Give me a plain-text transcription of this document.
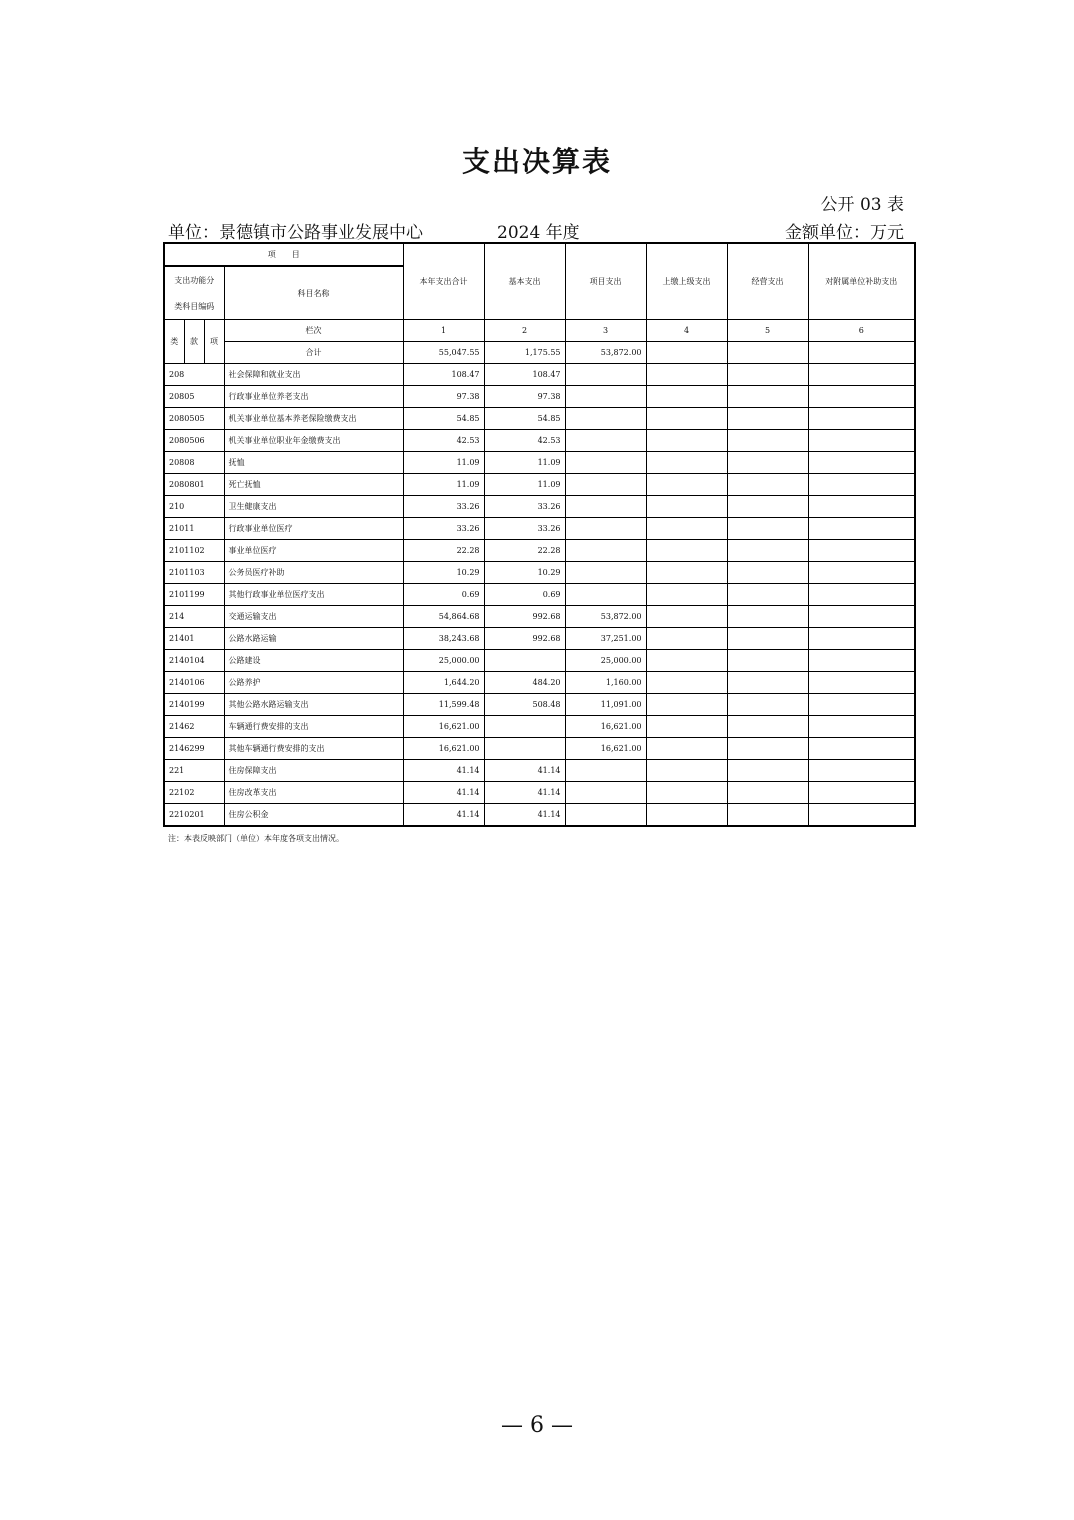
支出决算表
公开 03 表
单位：景德镇市公路事业发展中心	2024 年度	金额单位：万元
项　　目				本年支出合计	基本支出	项目支出	上缴上级支出	经营支出	对附属单位补助支出
支出功能分			科目名称						
类科目编码									
类	款	项	栏次	1	2	3	4	5	6
			合计	55,047.55	1,175.55	53,872.00			
208			社会保障和就业支出	108.47	108.47				
20805			行政事业单位养老支出	97.38	97.38				
2080505			机关事业单位基本养老保险缴费支出	54.85	54.85				
2080506			机关事业单位职业年金缴费支出	42.53	42.53				
20808			抚恤	11.09	11.09				
2080801			死亡抚恤	11.09	11.09				
210			卫生健康支出	33.26	33.26				
21011			行政事业单位医疗	33.26	33.26				
2101102			事业单位医疗	22.28	22.28				
2101103			公务员医疗补助	10.29	10.29				
2101199			其他行政事业单位医疗支出	0.69	0.69				
214			交通运输支出	54,864.68	992.68	53,872.00			
21401			公路水路运输	38,243.68	992.68	37,251.00			
2140104			公路建设	25,000.00		25,000.00			
2140106			公路养护	1,644.20	484.20	1,160.00			
2140199			其他公路水路运输支出	11,599.48	508.48	11,091.00			
21462			车辆通行费安排的支出	16,621.00		16,621.00			
2146299			其他车辆通行费安排的支出	16,621.00		16,621.00			
221			住房保障支出	41.14	41.14				
22102			住房改革支出	41.14	41.14				
2210201			住房公积金	41.14	41.14				
注：本表反映部门（单位）本年度各项支出情况。
— 6 —
